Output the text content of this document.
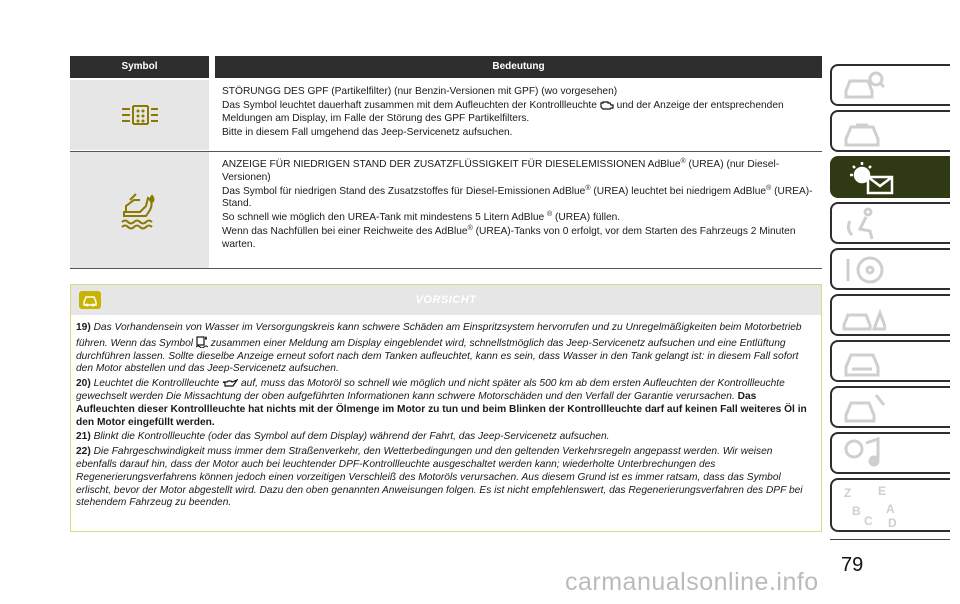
Symbol	Bedeutung

STÖRUNGG DES GPF (Partikelfilter) (nur Benzin-Versionen mit GPF) (wo vorgesehen)

Das Symbol leuchtet dauerhaft zusammen mit dem Aufleuchten der Kontrollleuchte und der Anzeige der entsprechenden Meldungen am Display, im Falle der Störung des GPF Partikelfilters.

Bitte in diesem Fall umgehend das Jeep-Servicenetz aufsuchen.

ANZEIGE FÜR NIEDRIGEN STAND DER ZUSATZFLÜSSIGKEIT FÜR DIESELEMISSIONEN AdBlue® (UREA) (nur Diesel-Versionen)

Das Symbol für niedrigen Stand des Zusatzstoffes für Diesel-Emissionen AdBlue® (UREA) leuchtet bei niedrigem AdBlue® (UREA)-Stand.

So schnell wie möglich den UREA-Tank mit mindestens 5 Litern AdBlue ® (UREA) füllen.

Wenn das Nachfüllen bei einer Reichweite des AdBlue® (UREA)-Tanks von 0 erfolgt, vor dem Starten des Fahrzeugs 2 Minuten warten.

VORSICHT

19) Das Vorhandensein von Wasser im Versorgungskreis kann schwere Schäden am Einspritzsystem hervorrufen und zu Unregelmäßigkeiten beim Motorbetrieb führen. Wenn das Symbol zusammen einer Meldung am Display eingeblendet wird, schnellstmöglich das Jeep-Servicenetz aufsuchen und eine Entlüftung durchführen lassen. Sollte dieselbe Anzeige erneut sofort nach dem Tanken aufleuchtet, kann es sein, dass Wasser in den Tank gelangt ist: in diesem Fall sofort den Motor abstellen und das Jeep-Servicenetz aufsuchen.

20) Leuchtet die Kontrollleuchte auf, muss das Motoröl so schnell wie möglich und nicht später als 500 km ab dem ersten Aufleuchten der Kontrollleuchte gewechselt werden Die Missachtung der oben aufgeführten Informationen kann schwere Motorschäden und den Verfall der Garantie verursachen. Das Aufleuchten dieser Kontrollleuchte hat nichts mit der Ölmenge im Motor zu tun und beim Blinken der Kontrollleuchte darf auf keinen Fall weiteres Öl in den Motor eingefüllt werden.

21) Blinkt die Kontrollleuchte (oder das Symbol auf dem Display) während der Fahrt, das Jeep-Servicenetz aufsuchen.

22) Die Fahrgeschwindigkeit muss immer dem Straßenverkehr, den Wetterbedingungen und den geltenden Verkehrsregeln angepasst werden. Wir weisen ebenfalls darauf hin, dass der Motor auch bei leuchtender DPF-Kontrollleuchte ausgeschaltet werden kann; wiederholte Unterbrechungen des Regenerierungsverfahrens können jedoch einen vorzeitigen Verschleiß des Motoröls verursachen. Aus diesem Grund ist es immer ratsam, dass das Symbol erlischt, bevor der Motor abgestellt wird. Dazu den oben genannten Anweisungen folgen. Es ist nicht empfehlenswert, das Regenerierungsverfahren des DPF bei stehendem Fahrzeug zu beenden.

Z E
B
C
A
D
79
carmanualsonline.info
